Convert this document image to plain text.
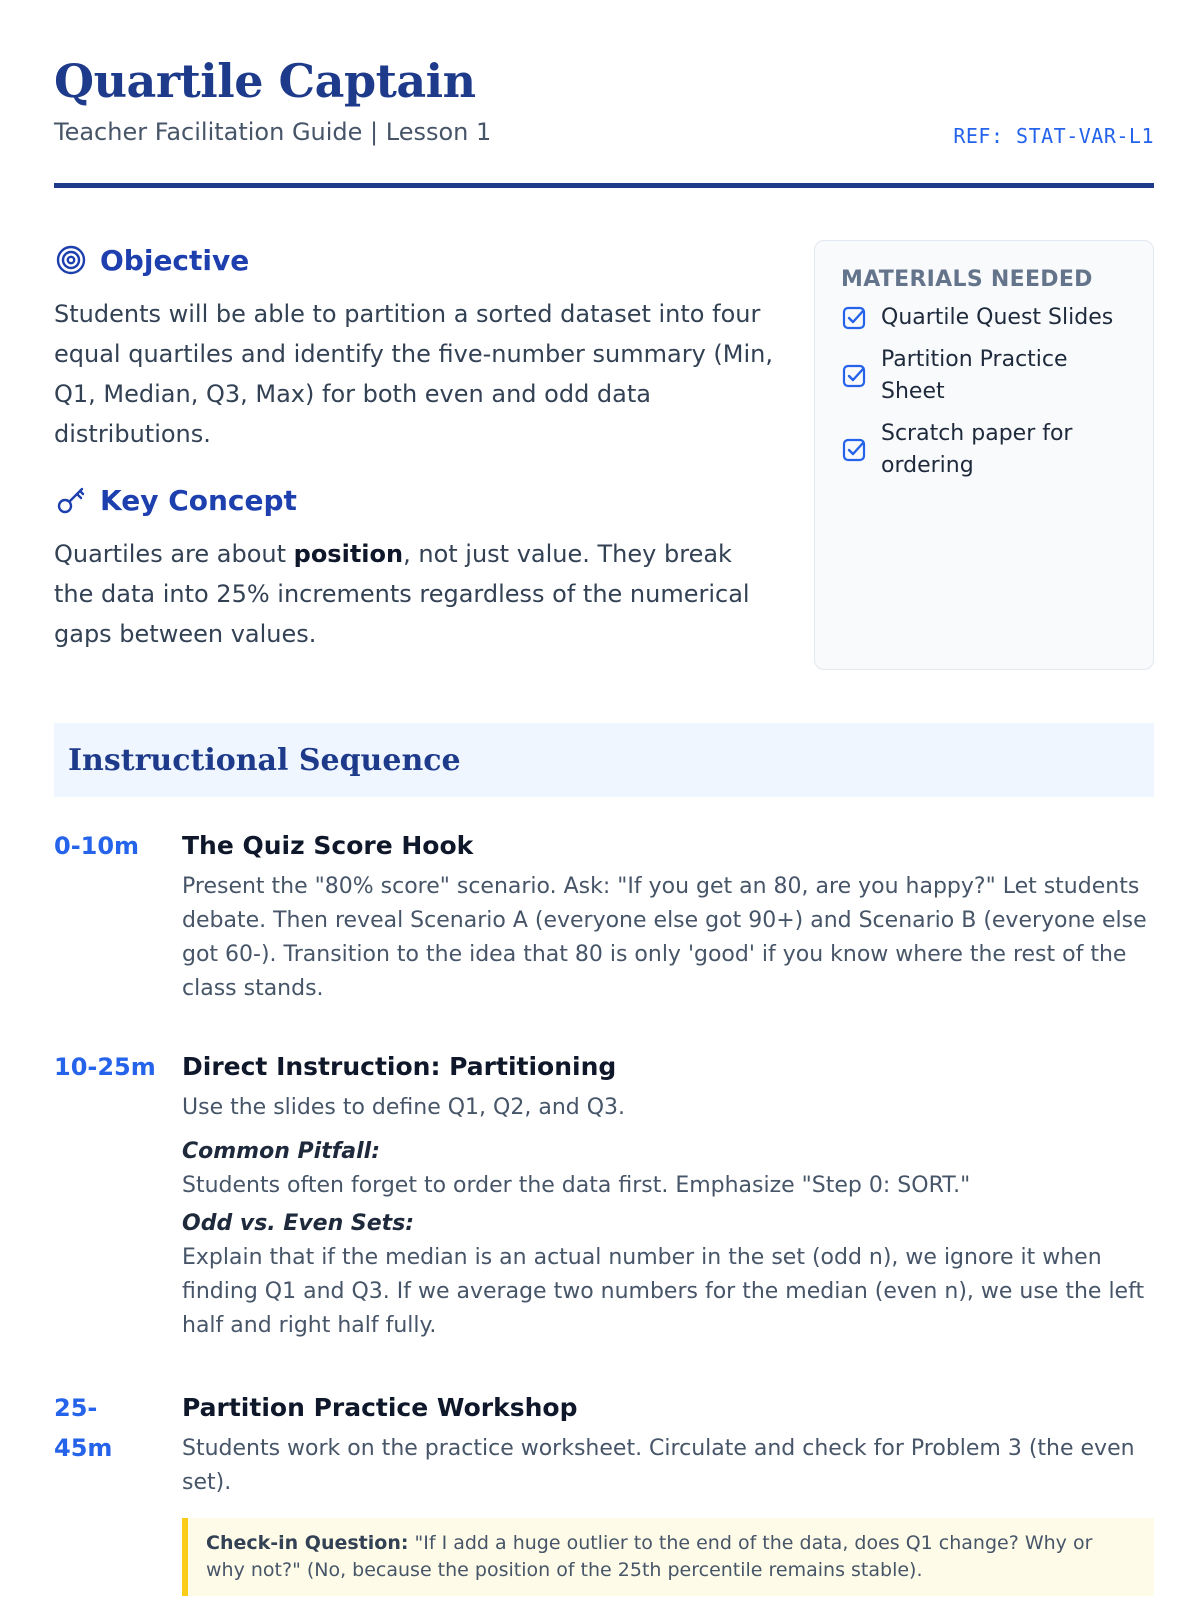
Quartile Captain
Teacher Facilitation Guide | Lesson 1	REF: STAT-VAR-L1
Objective

Students will be able to partition a sorted dataset into four equal quartiles and identify the five-number summary (Min, Q1, Median, Q3, Max) for both even and odd data distributions.

Key Concept

Quartiles are about position, not just value. They break the data into 25% increments regardless of the numerical gaps between values.

MATERIALS NEEDED
Quartile Quest Slides
Partition Practice Sheet
Scratch paper for ordering
Instructional Sequence
0-10m	The Quiz Score Hook

Present the "80% score" scenario. Ask: "If you get an 80, are you happy?" Let students debate. Then reveal Scenario A (everyone else got 90+) and Scenario B (everyone else got 60-). Transition to the idea that 80 is only 'good' if you know where the rest of the class stands.

10-25m	Direct Instruction: Partitioning

Use the slides to define Q1, Q2, and Q3.

Common Pitfall:

Students often forget to order the data first. Emphasize "Step 0: SORT."

Odd vs. Even Sets:

Explain that if the median is an actual number in the set (odd n), we ignore it when finding Q1 and Q3. If we average two numbers for the median (even n), we use the left half and right half fully.

25-45m
Partition Practice Workshop

Students work on the practice worksheet. Circulate and check for Problem 3 (the even set).

Check-in Question: "If I add a huge outlier to the end of the data, does Q1 change? Why or why not?" (No, because the position of the 25th percentile remains stable).
